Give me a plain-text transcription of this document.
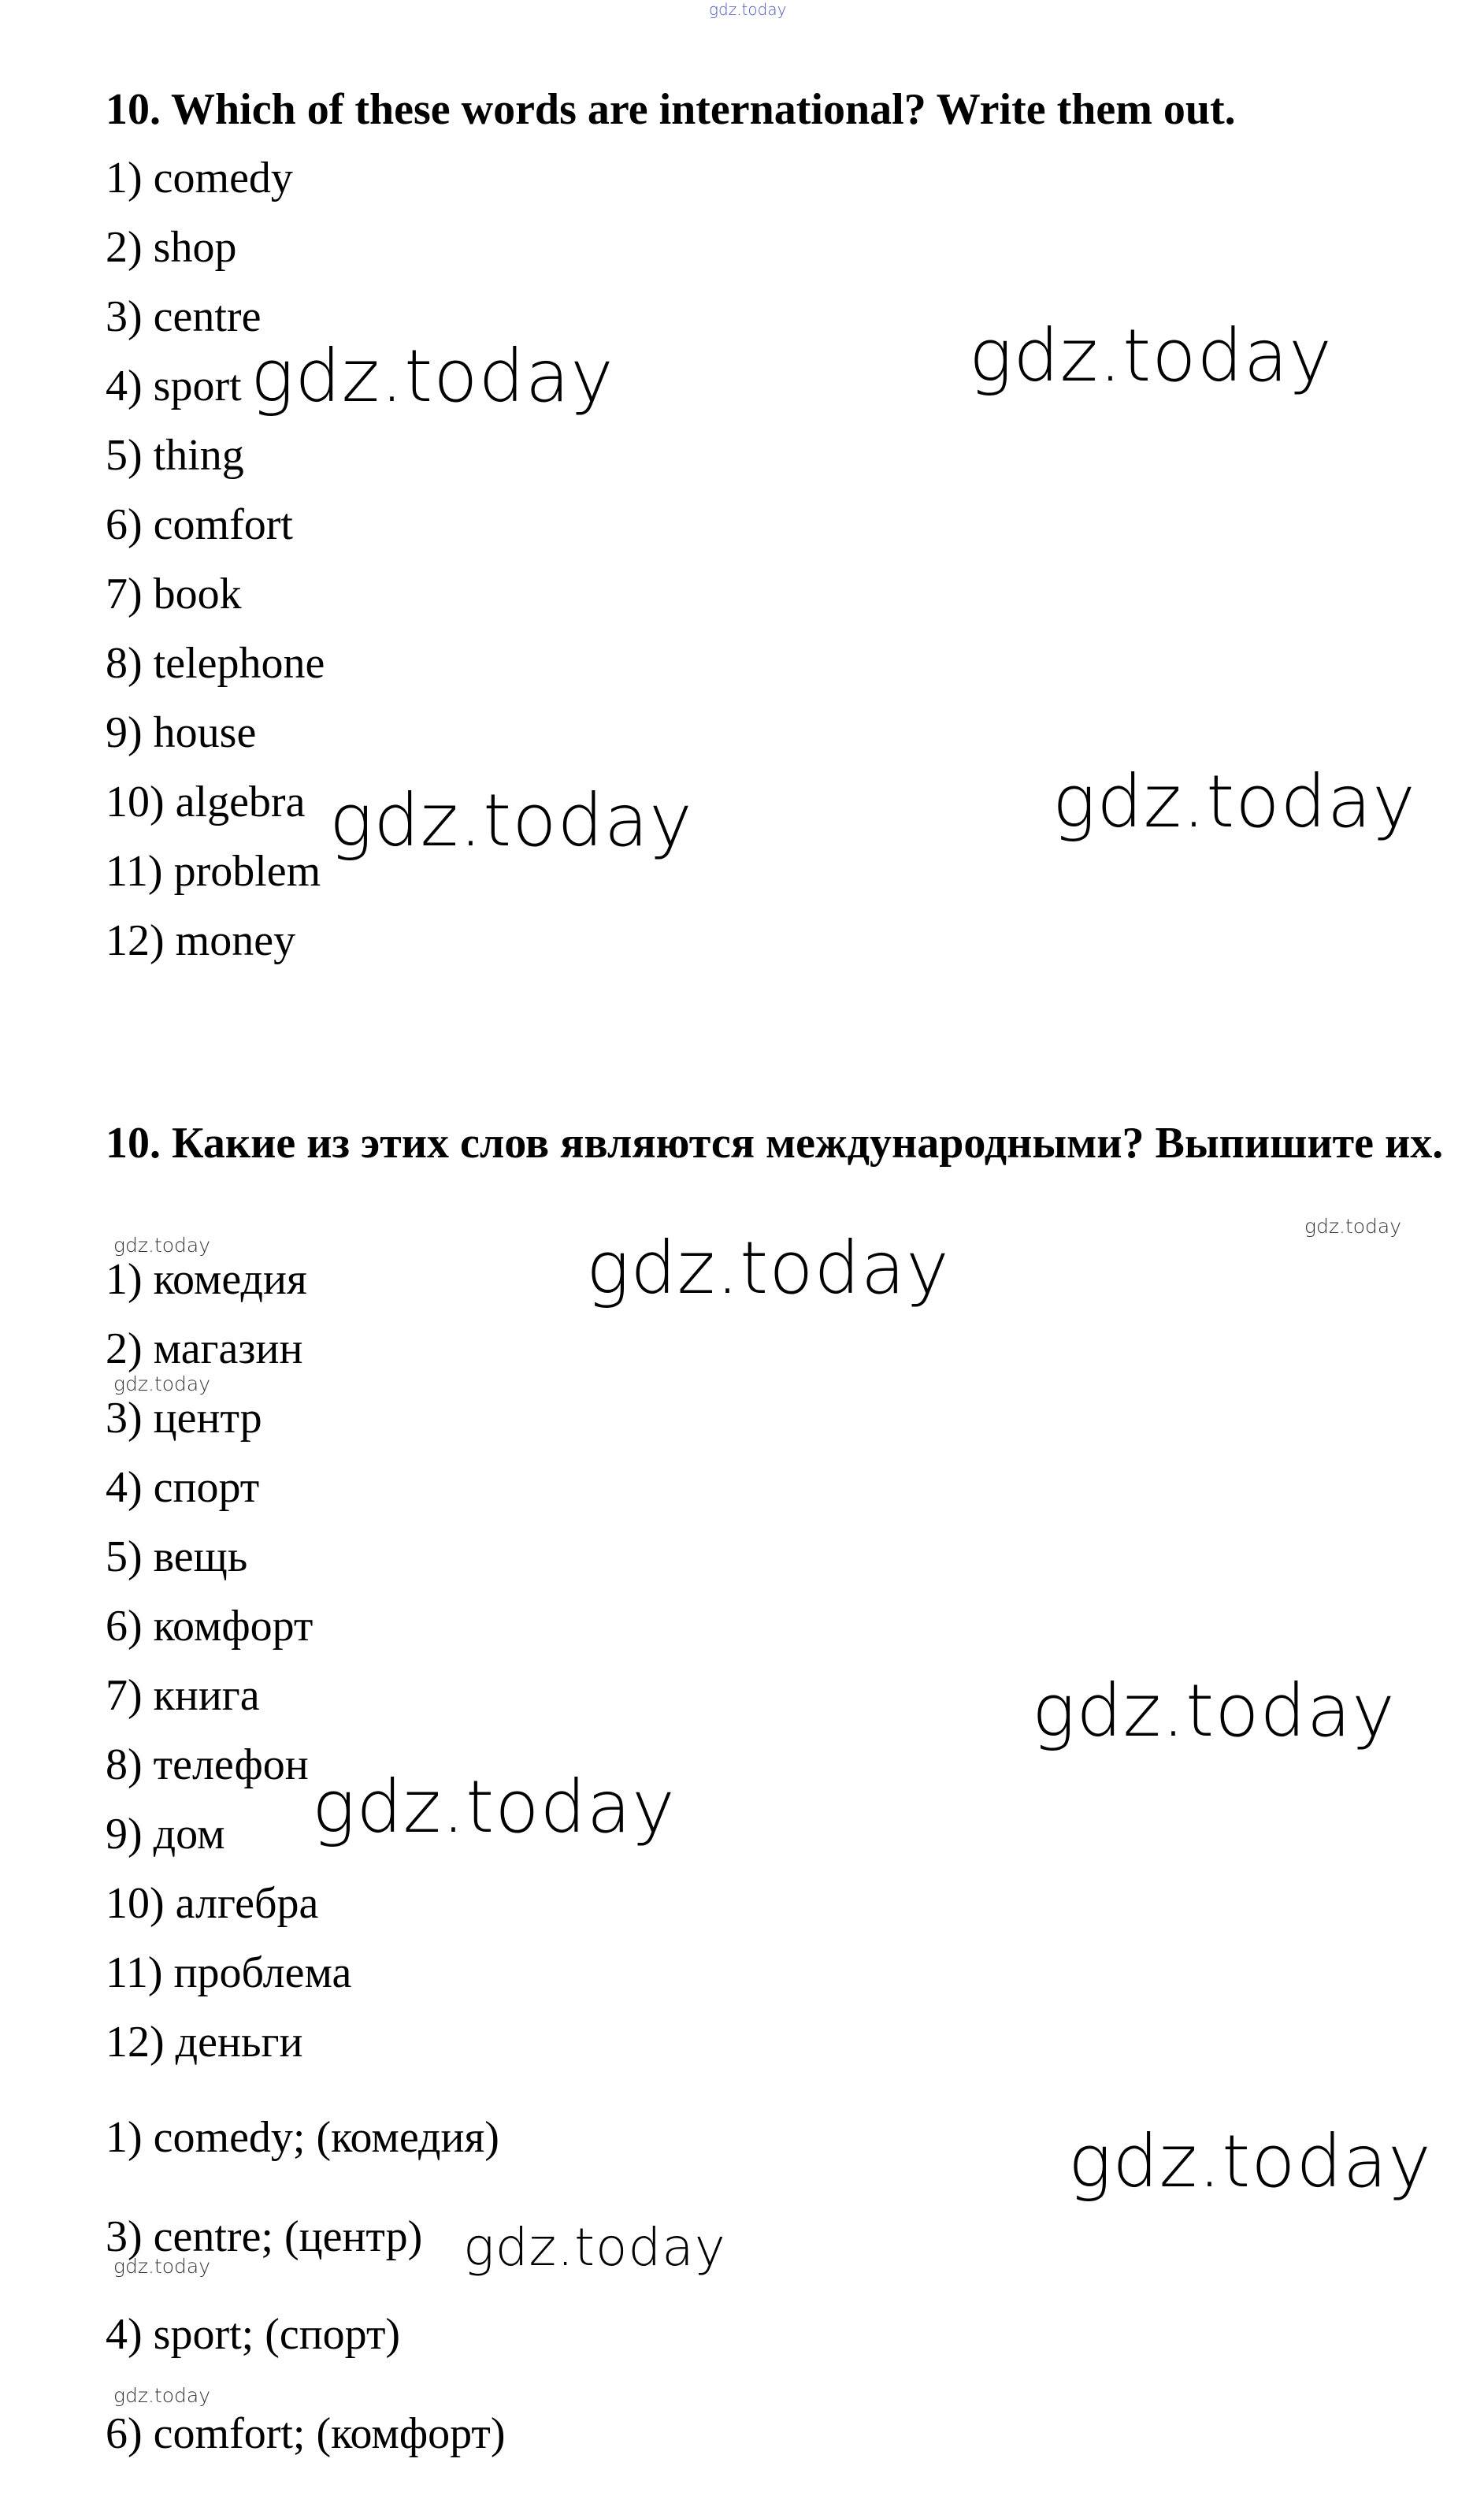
gdz.today
10. Which of these words are international? Write them out.
1) comedy
2) shop
3) centre
4) sport
5) thing
6) comfort
7) book
8) telephone
9) house
10) algebra
11) problem
12) money
10. Какие из этих слов являются международными? Выпишите их.
1) комедия
2) магазин
3) центр
4) спорт
5) вещь
6) комфорт
7) книга
8) телефон
9) дом
10) алгебра
11) проблема
12) деньги
1) comedy; (комедия)
3) centre; (центр)
4) sport; (спорт)
6) comfort; (комфорт)
gdz.today	gdz.today
gdz.today	gdz.today
gdz.today
gdz.today
gdz.today
gdz.today
gdz.today
gdz.today
gdz.today
gdz.today
gdz.today
gdz.today
